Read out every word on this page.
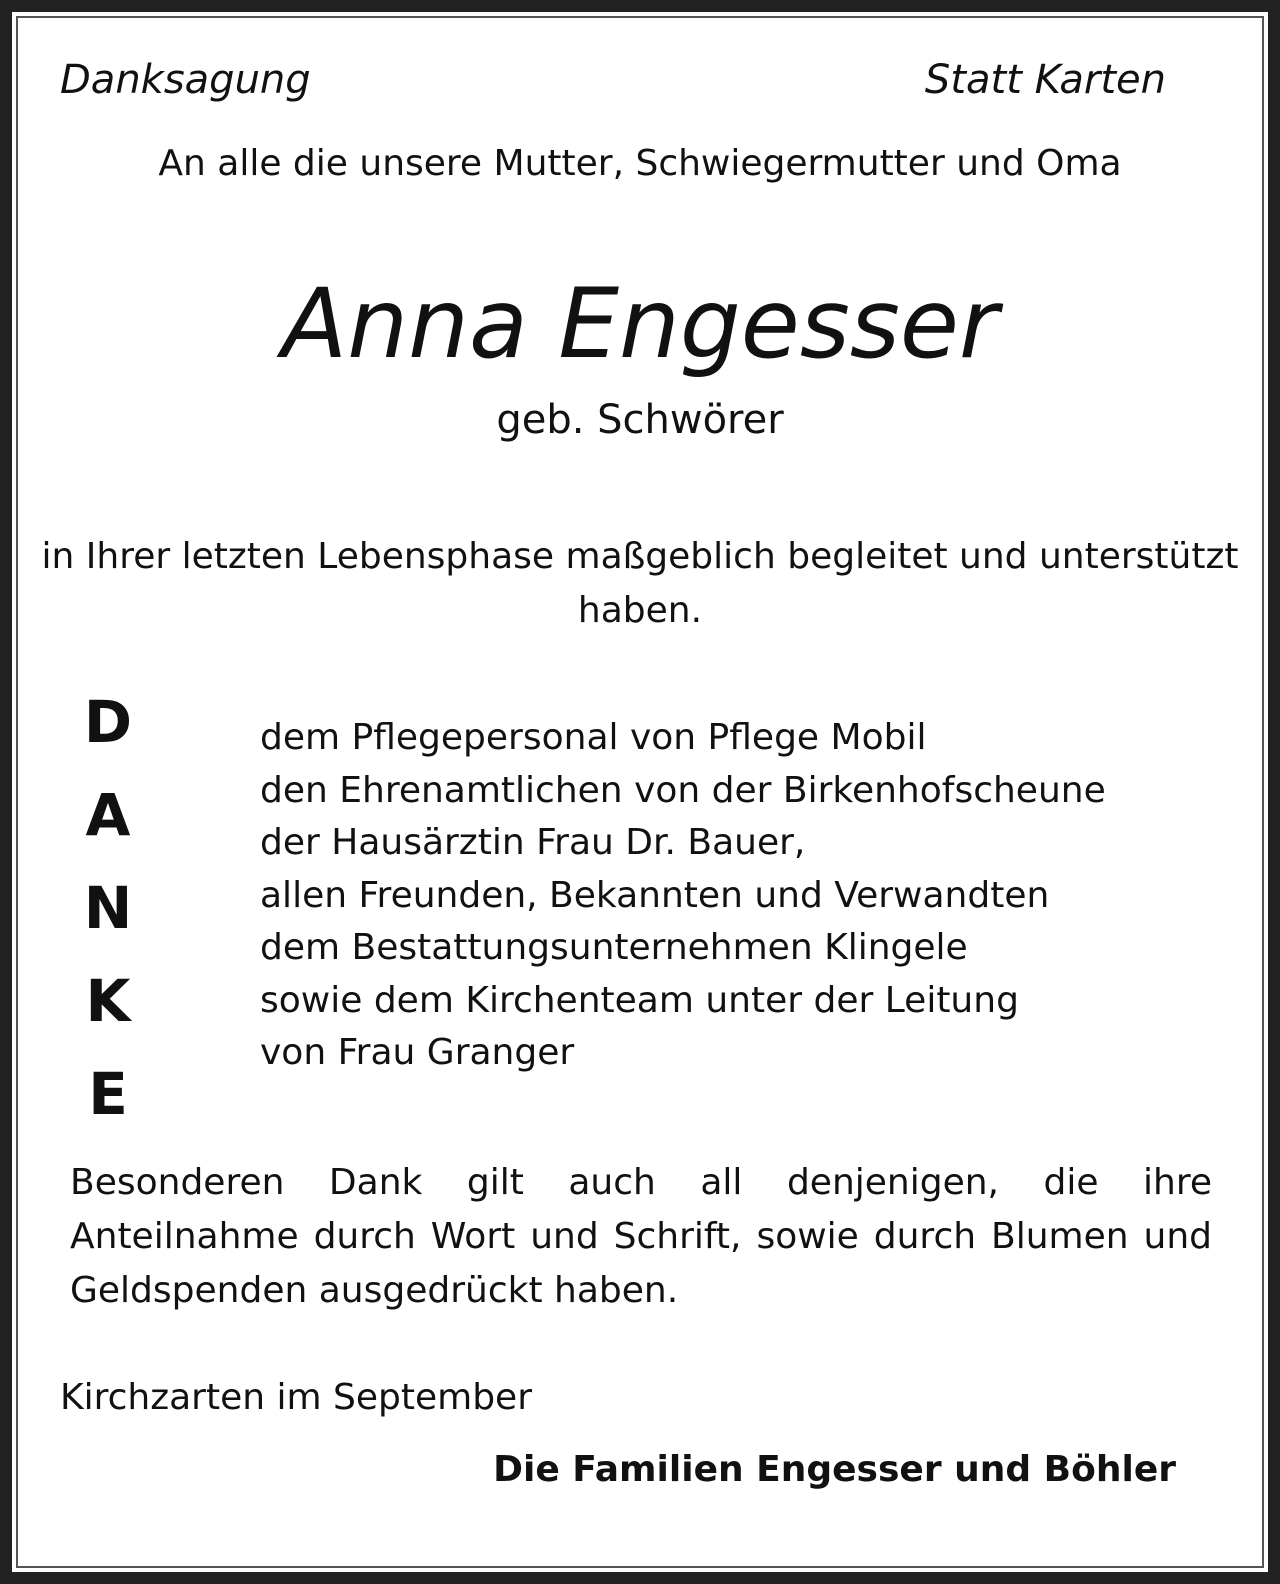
Danksagung	Statt Karten

An alle die unsere Mutter, Schwiegermutter und Oma

Anna Engesser

geb. Schwörer

in Ihrer letzten Lebensphase maßgeblich begleitet und unterstützt haben.

D
A
N
K
E
dem Pflegepersonal von Pflege Mobil
den Ehrenamtlichen von der Birkenhofscheune
der Hausärztin Frau Dr. Bauer,
allen Freunden, Bekannten und Verwandten
dem Bestattungsunternehmen Klingele
sowie dem Kirchenteam unter der Leitung
von Frau Granger

Besonderen Dank gilt auch all denjenigen, die ihre Anteilnahme durch Wort und Schrift, sowie durch Blumen und Geldspenden ausgedrückt haben.

Kirchzarten im September
Die Familien Engesser und Böhler
